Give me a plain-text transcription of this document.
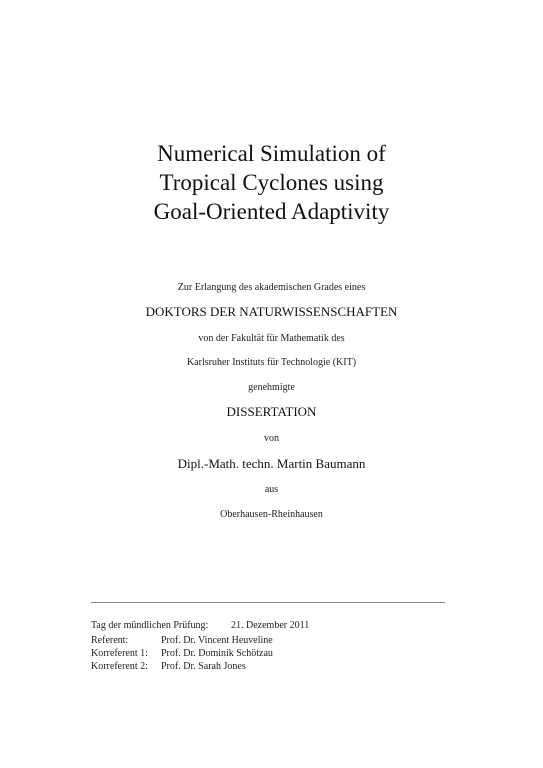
Numerical Simulation of
Tropical Cyclones using
Goal-Oriented Adaptivity
Zur Erlangung des akademischen Grades eines
DOKTORS DER NATURWISSENSCHAFTEN
von der Fakultät für Mathematik des
Karlsruher Instituts für Technologie (KIT)
genehmigte
DISSERTATION
von
Dipl.-Math. techn. Martin Baumann
aus
Oberhausen-Rheinhausen
Tag der mündlichen Prüfung: 21. Dezember 2011
Referent:	Prof. Dr. Vincent Heuveline
Korreferent 1: Prof. Dr. Dominik Schötzau
Korreferent 2: Prof. Dr. Sarah Jones
